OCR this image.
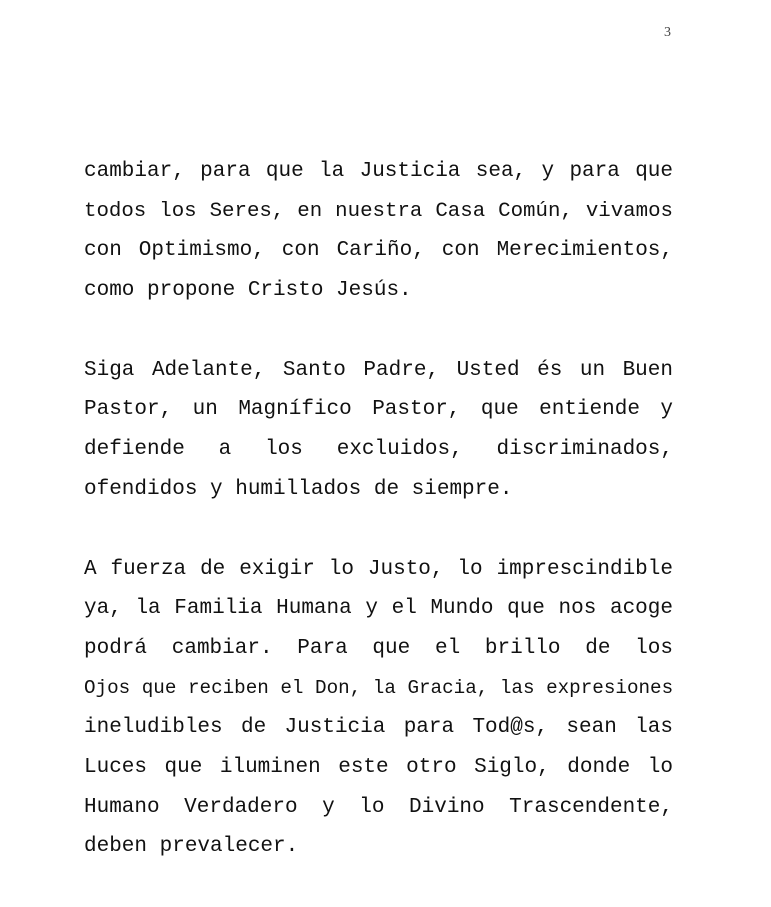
3
cambiar, para que la Justicia sea, y para que
todos los Seres, en nuestra Casa Común, vivamos
con Optimismo, con Cariño, con Merecimientos,
como propone Cristo Jesús.
Siga Adelante, Santo Padre, Usted és un Buen
Pastor, un Magnífico Pastor, que entiende y
defiende a los excluidos, discriminados,
ofendidos y humillados de siempre.
A fuerza de exigir lo Justo, lo imprescindible
ya, la Familia Humana y el Mundo que nos acoge
podrá cambiar. Para que el brillo de los
Ojos que reciben el Don, la Gracia, las expresiones
ineludibles de Justicia para Tod@s, sean las
Luces que iluminen este otro Siglo, donde lo
Humano Verdadero y lo Divino Trascendente,
deben prevalecer.
